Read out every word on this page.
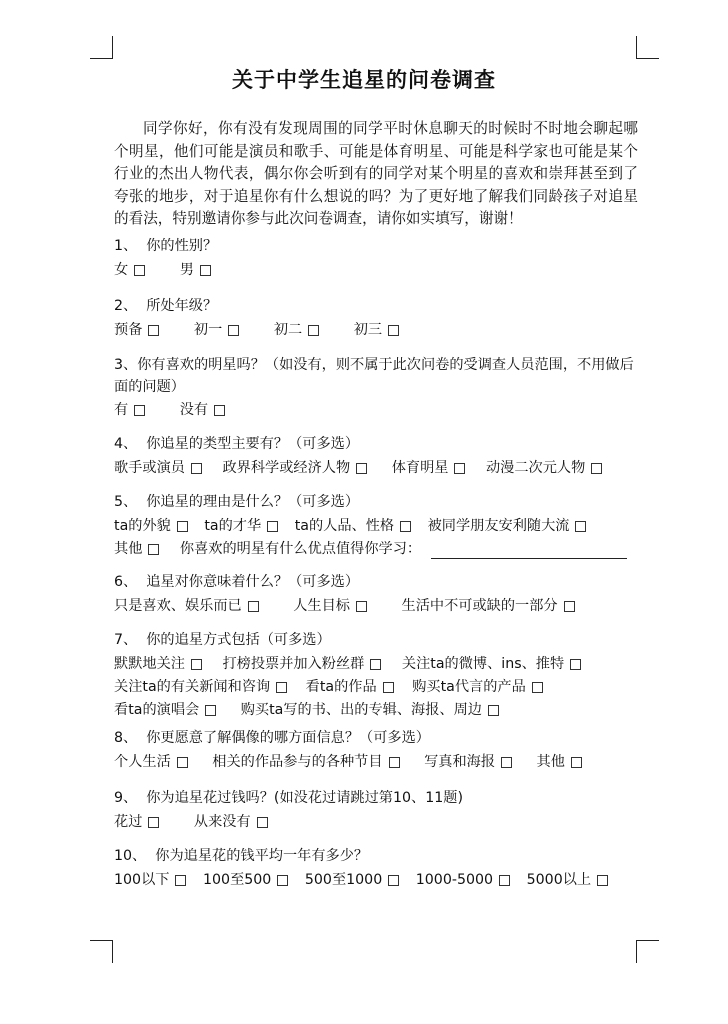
关于中学生追星的问卷调查
同学你好，你有没有发现周围的同学平时休息聊天的时候时不时地会聊起哪个明星，他们可能是演员和歌手、可能是体育明星、可能是科学家也可能是某个行业的杰出人物代表，偶尔你会听到有的同学对某个明星的喜欢和崇拜甚至到了夸张的地步，对于追星你有什么想说的吗？为了更好地了解我们同龄孩子对追星的看法，特别邀请你参与此次问卷调查，请你如实填写，谢谢！
1、  你的性别？
女
	男
2、  所处年级？
预备
	初一
	初二
	初三
3、你有喜欢的明星吗？（如没有，则不属于此次问卷的受调查人员范围，不用做后面的问题）
有
	没有
4、  你追星的类型主要有？（可多选）
歌手或演员
	政界科学或经济人物
	体育明星
	动漫二次元人物
5、  你追星的理由是什么？（可多选）
ta的外貌
ta的才华
ta的人品、性格
被同学朋友安利随大流
其他	你喜欢的明星有什么优点值得你学习：
6、  追星对你意味着什么？（可多选）
只是喜欢、娱乐而已
	人生目标
	生活中不可或缺的一部分
7、  你的追星方式包括（可多选）
默默地关注
	打榜投票并加入粉丝群
	关注ta的微博、ins、推特
关注ta的有关新闻和咨询
	看ta的作品
	购买ta代言的产品
看ta的演唱会
	购买ta写的书、出的专辑、海报、周边
8、  你更愿意了解偶像的哪方面信息？（可多选）
个人生活
	相关的作品参与的各种节目
	写真和海报
	其他
9、  你为追星花过钱吗？(如没花过请跳过第10、11题)
花过
	从来没有
10、  你为追星花的钱平均一年有多少？
100以下
100至500
500至1000
1000-5000
5000以上
